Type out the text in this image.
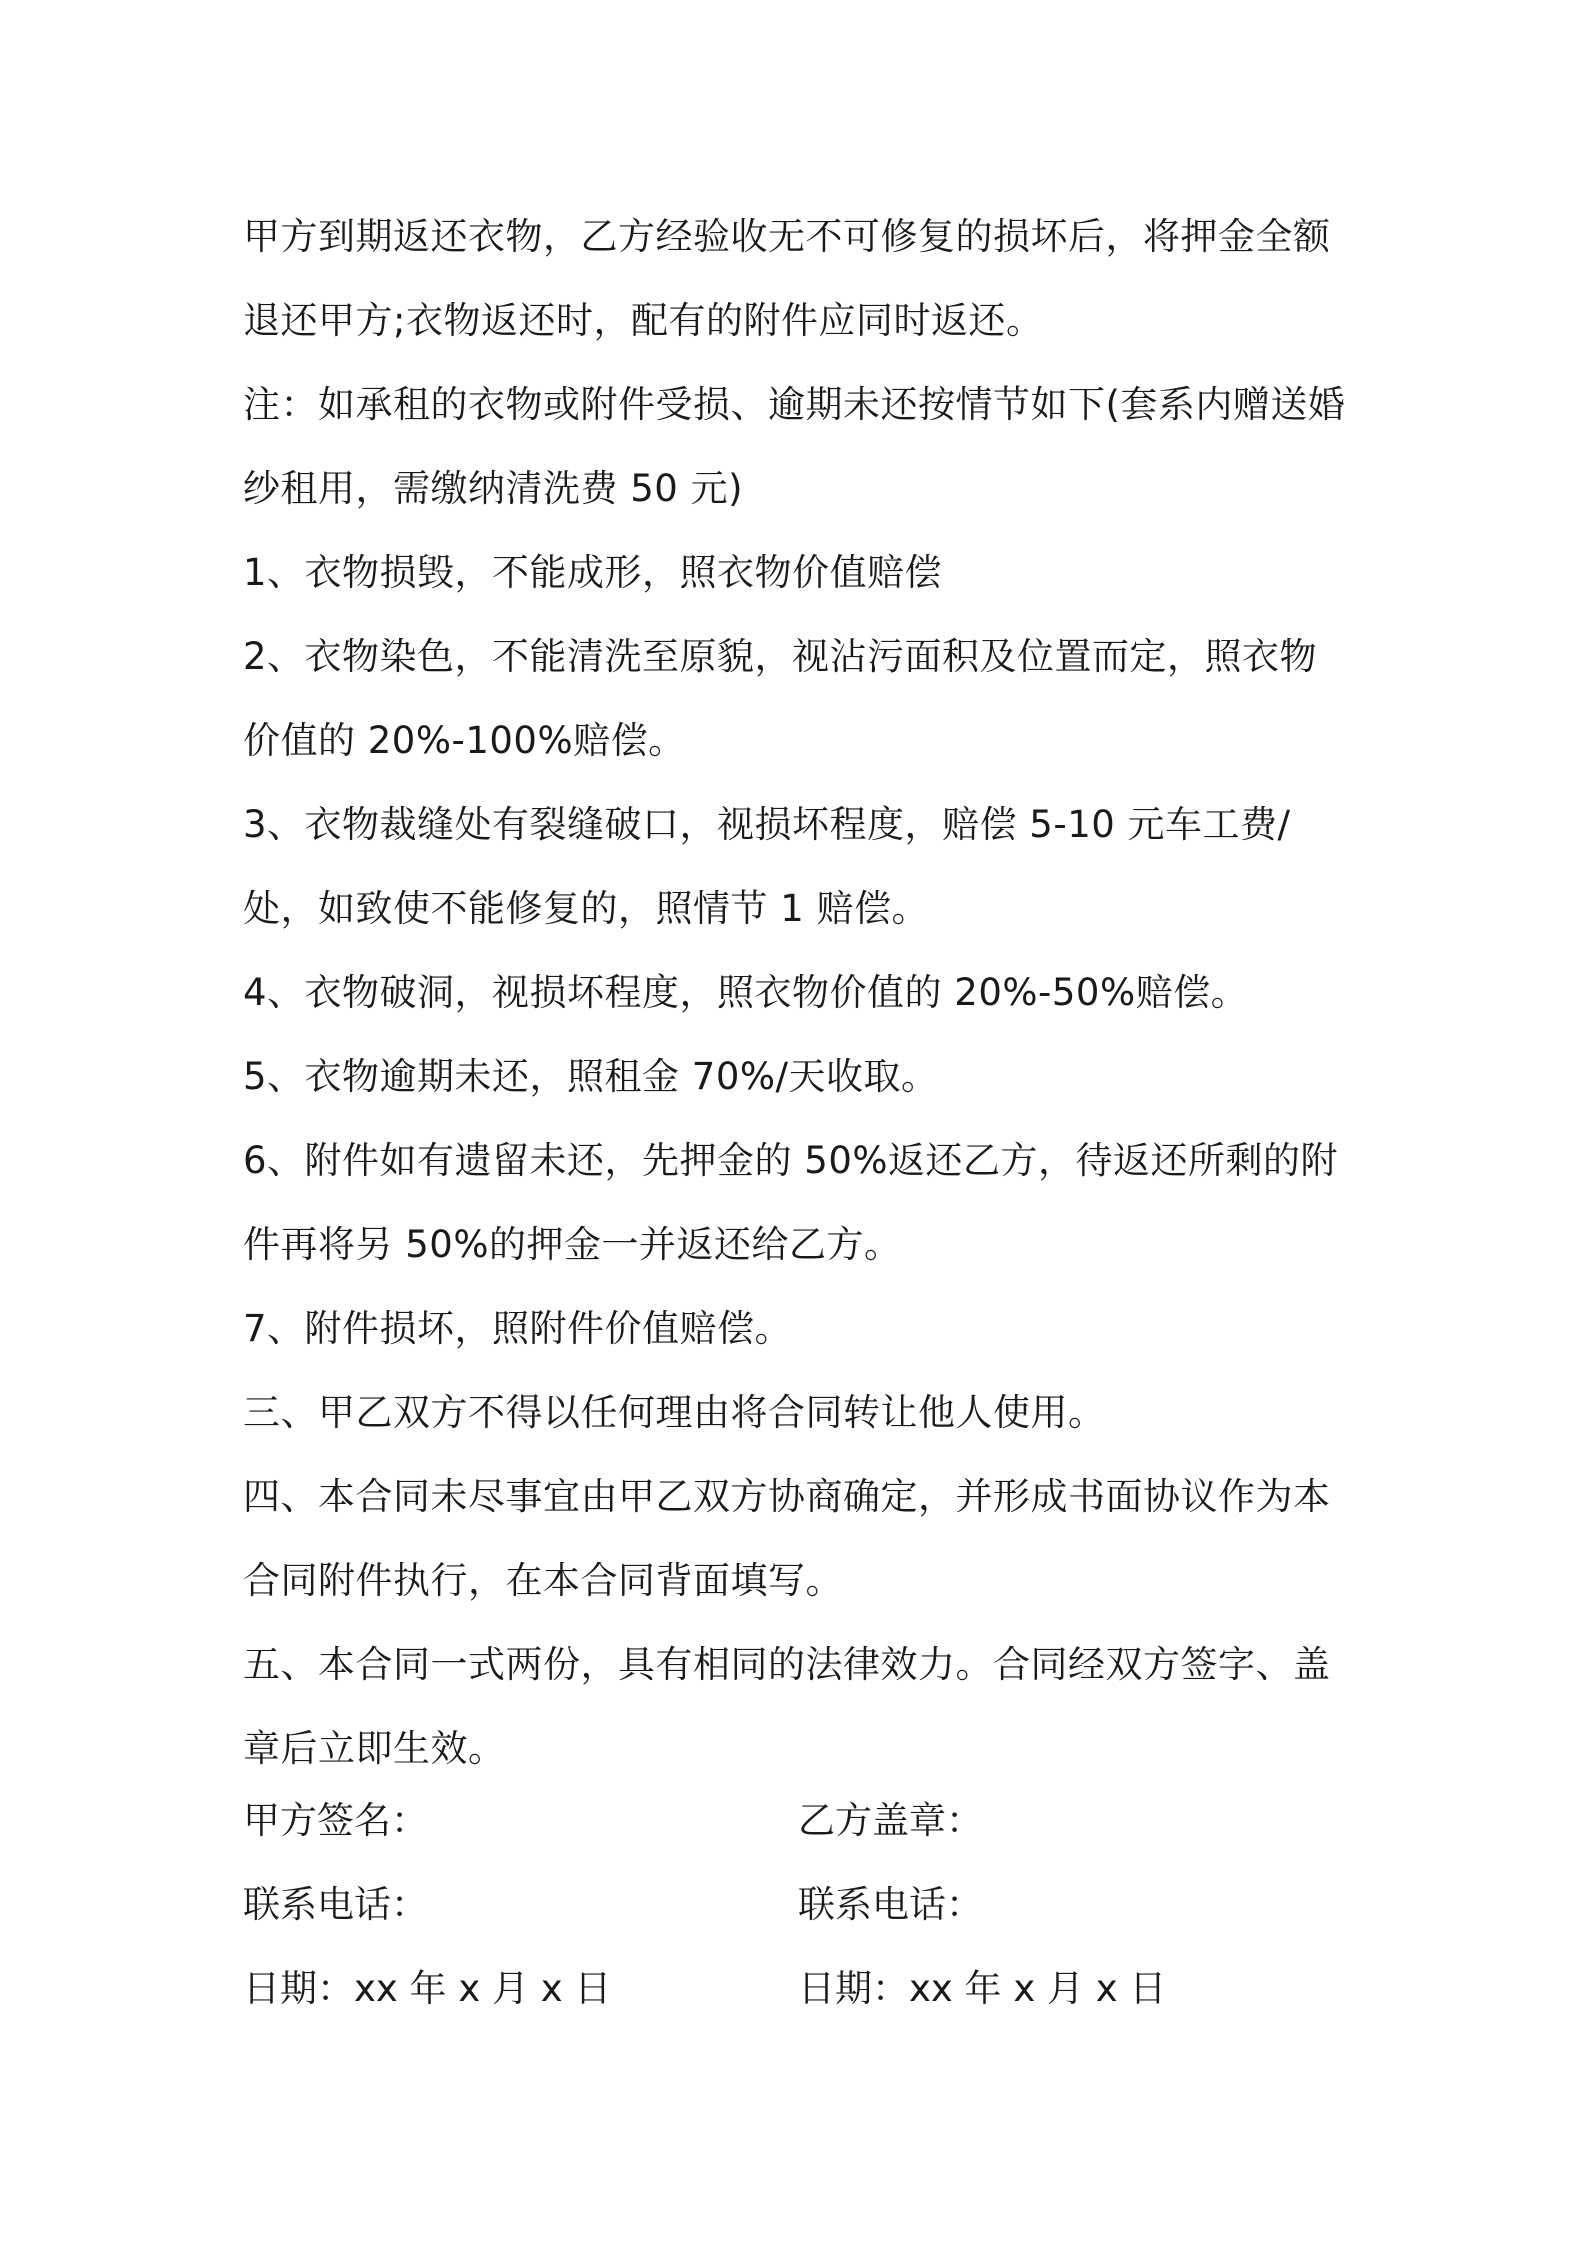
甲方到期返还衣物，乙方经验收无不可修复的损坏后，将押金全额退还甲方;衣物返还时，配有的附件应同时返还。

注：如承租的衣物或附件受损、逾期未还按情节如下(套系内赠送婚纱租用，需缴纳清洗费 50 元)

1、衣物损毁，不能成形，照衣物价值赔偿

2、衣物染色，不能清洗至原貌，视沾污面积及位置而定，照衣物价值的 20%-100%赔偿。

3、衣物裁缝处有裂缝破口，视损坏程度，赔偿 5-10 元车工费/处，如致使不能修复的，照情节 1 赔偿。

4、衣物破洞，视损坏程度，照衣物价值的 20%-50%赔偿。

5、衣物逾期未还，照租金 70%/天收取。

6、附件如有遗留未还，先押金的 50%返还乙方，待返还所剩的附件再将另 50%的押金一并返还给乙方。

7、附件损坏，照附件价值赔偿。

三、甲乙双方不得以任何理由将合同转让他人使用。

四、本合同未尽事宜由甲乙双方协商确定，并形成书面协议作为本合同附件执行，在本合同背面填写。

五、本合同一式两份，具有相同的法律效力。合同经双方签字、盖章后立即生效。

甲方签名：	乙方盖章：
联系电话：	联系电话：
日期：xx 年 x 月 x 日	日期：xx 年 x 月 x 日
